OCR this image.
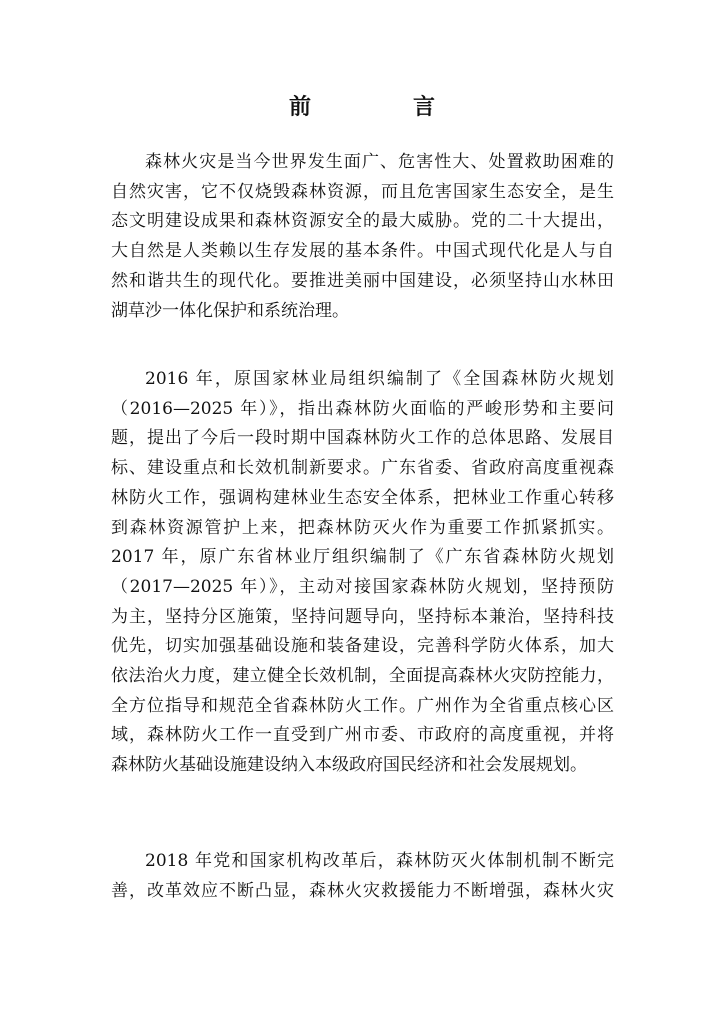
前　言
森林火灾是当今世界发生面广、危害性大、处置救助困难的
自然灾害，它不仅烧毁森林资源，而且危害国家生态安全，是生
态文明建设成果和森林资源安全的最大威胁。党的二十大提出，
大自然是人类赖以生存发展的基本条件。中国式现代化是人与自
然和谐共生的现代化。要推进美丽中国建设，必须坚持山水林田
湖草沙一体化保护和系统治理。
2016 年，原国家林业局组织编制了《全国森林防火规划
（2016—2025 年）》，指出森林防火面临的严峻形势和主要问
题，提出了今后一段时期中国森林防火工作的总体思路、发展目
标、建设重点和长效机制新要求。广东省委、省政府高度重视森
林防火工作，强调构建林业生态安全体系，把林业工作重心转移
到森林资源管护上来，把森林防灭火作为重要工作抓紧抓实。
2017 年，原广东省林业厅组织编制了《广东省森林防火规划
（2017—2025 年）》，主动对接国家森林防火规划，坚持预防
为主，坚持分区施策，坚持问题导向，坚持标本兼治，坚持科技
优先，切实加强基础设施和装备建设，完善科学防火体系，加大
依法治火力度，建立健全长效机制，全面提高森林火灾防控能力，
全方位指导和规范全省森林防火工作。广州作为全省重点核心区
域，森林防火工作一直受到广州市委、市政府的高度重视，并将
森林防火基础设施建设纳入本级政府国民经济和社会发展规划。
2018 年党和国家机构改革后，森林防灭火体制机制不断完
善，改革效应不断凸显，森林火灾救援能力不断增强，森林火灾
